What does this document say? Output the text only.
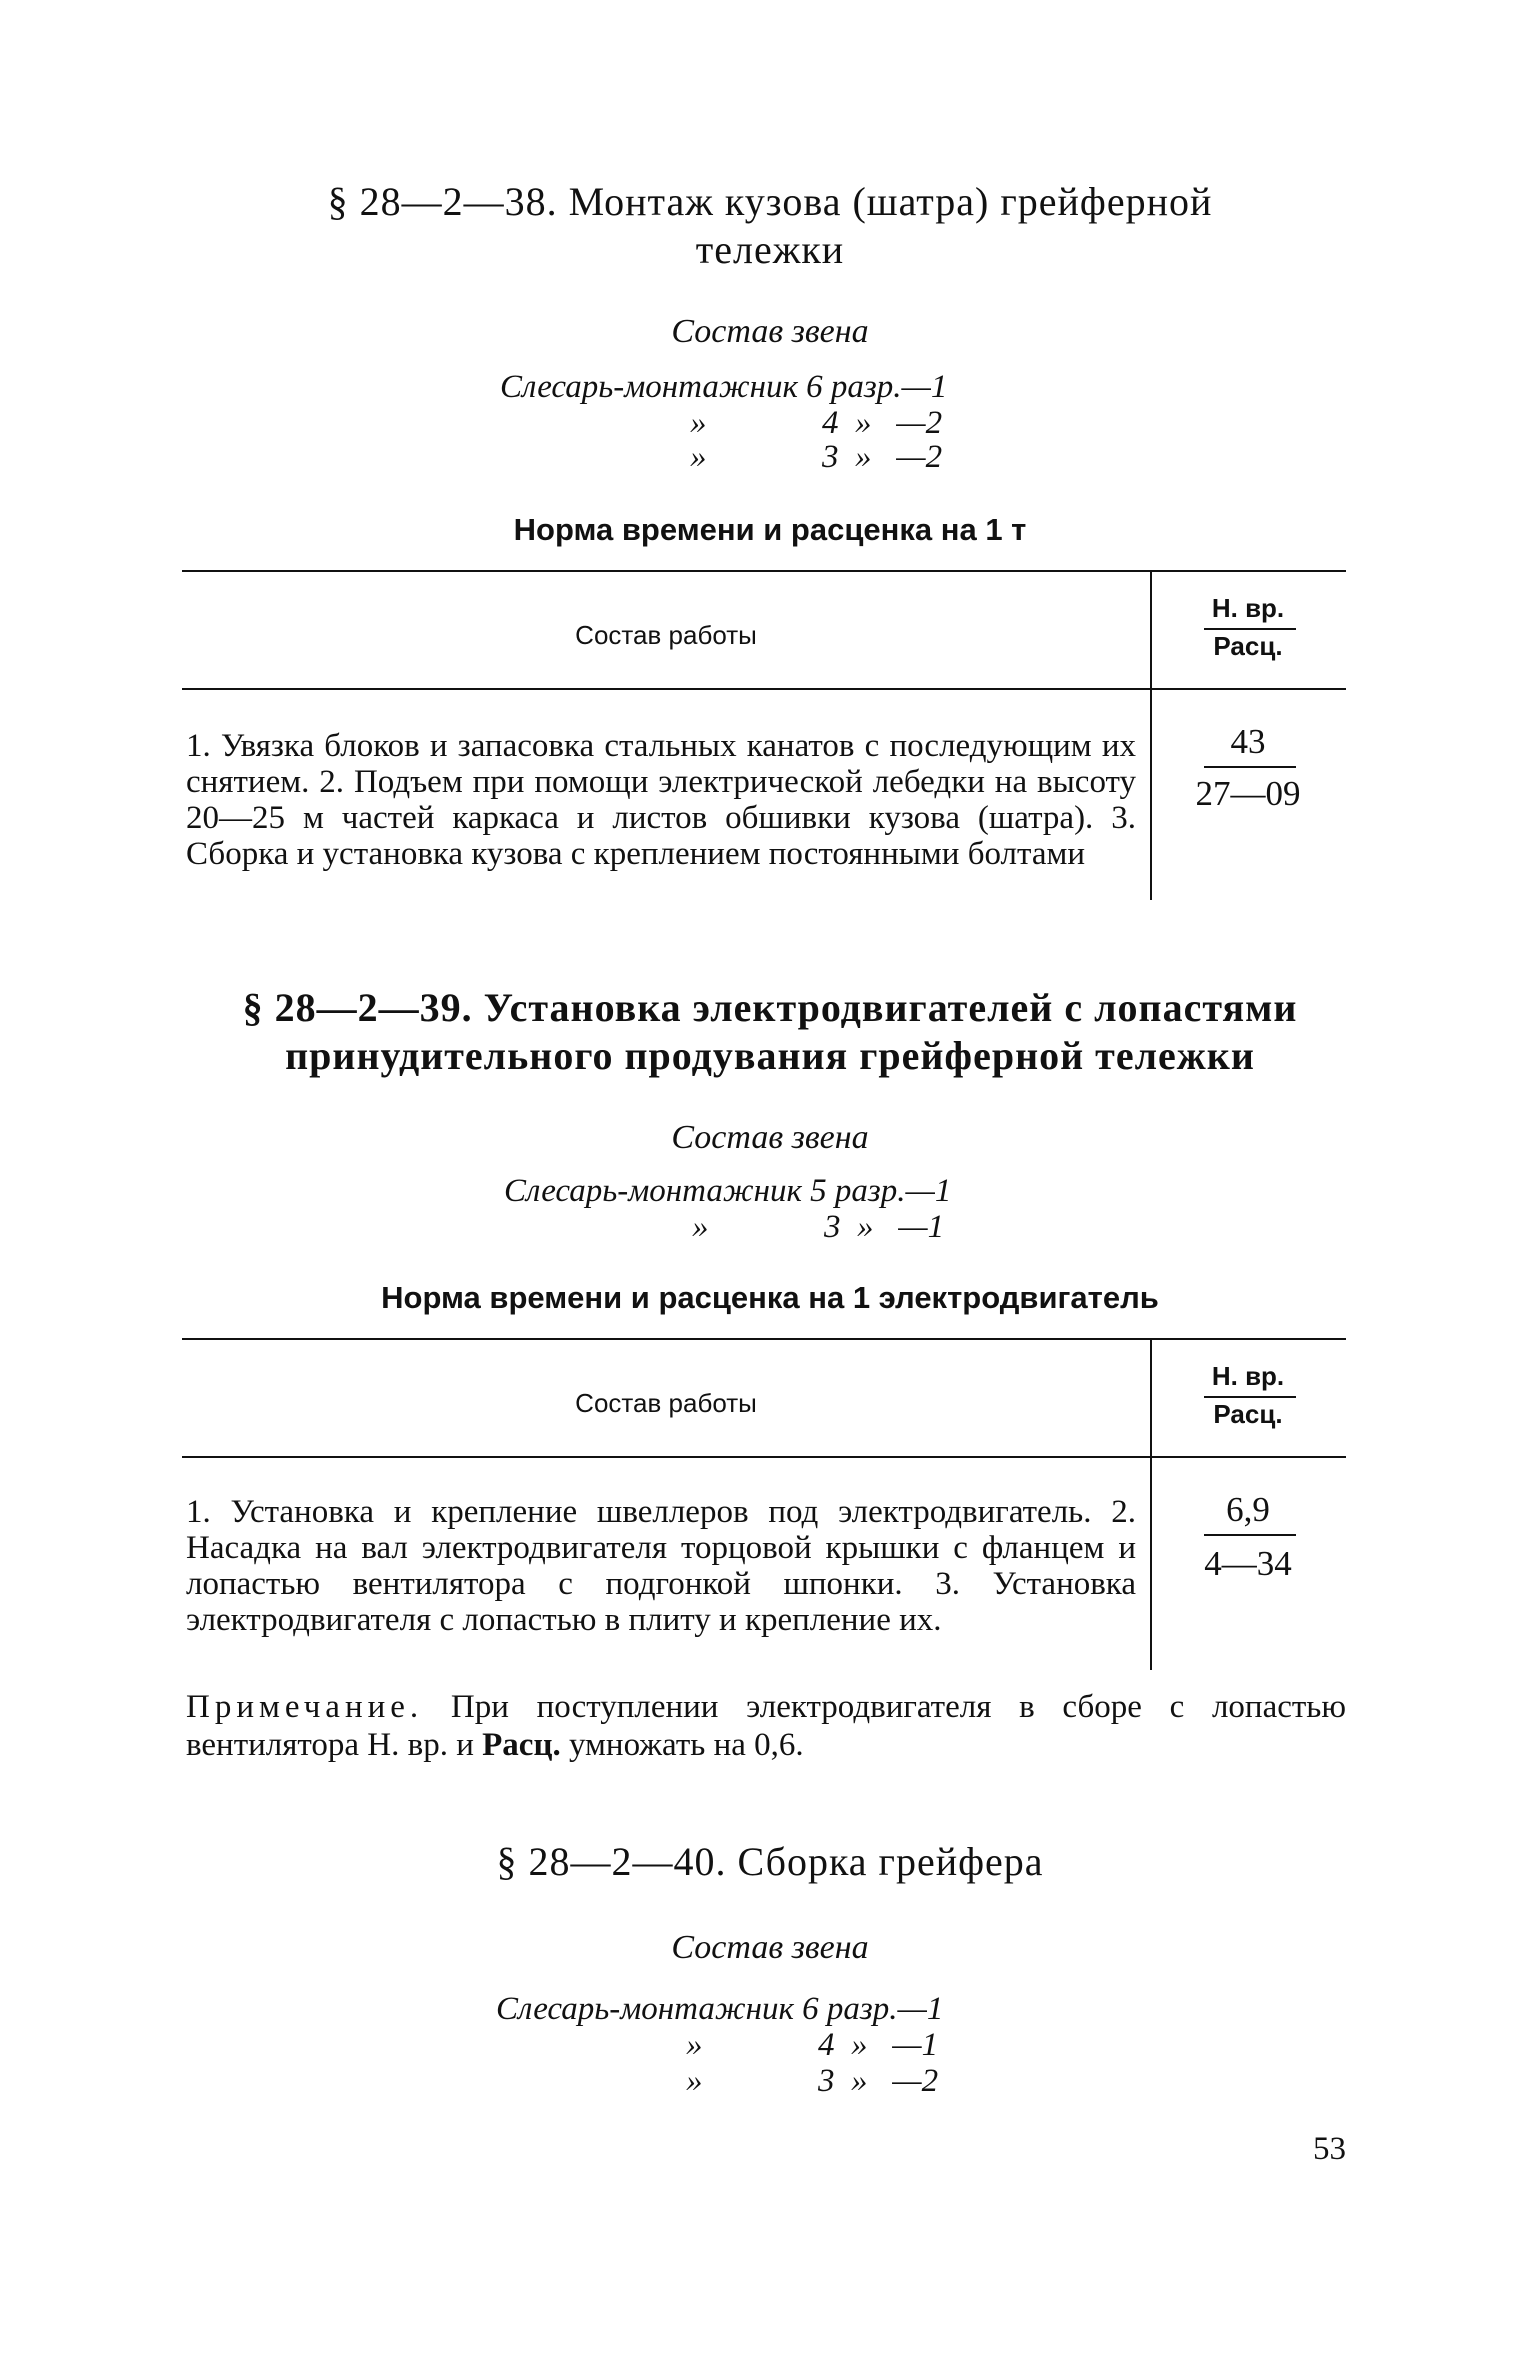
§ 28—2—38. Монтаж кузова (шатра) грейферной
тележки
Состав звена
Слесарь-монтажник 6 разр.—1
»              4  »   —2
»              3  »   —2
Норма времени и расценка на 1 т
Состав работы
Н. вр.
Расц.
1. Увязка блоков и запасовка стальных канатов с последующим их снятием. 2. Подъем при помощи электрической лебедки на высоту 20—25 м частей каркаса и листов обшивки кузова (шатра). 3. Сборка и установка кузова с креплением постоянными болтами
43
27—09
§ 28—2—39. Установка электродвигателей с лопастями
принудительного продувания грейферной тележки
Состав звена
Слесарь-монтажник 5 разр.—1
»              3  »   —1
Норма времени и расценка на 1 электродвигатель
Состав работы
Н. вр.
Расц.
1. Установка и крепление швеллеров под электродвигатель. 2. Насадка на вал электродвигателя торцовой крышки с фланцем и лопастью вентилятора с подгонкой шпонки. 3. Установка электродвигателя с лопастью в плиту и крепление их.
6,9
4—34
Примечание. При поступлении электродвигателя в сборе с лопастью вентилятора Н. вр. и Расц. умножать на 0,6.
§ 28—2—40. Сборка грейфера
Состав звена
Слесарь-монтажник 6 разр.—1
»              4  »   —1
»              3  »   —2
53
